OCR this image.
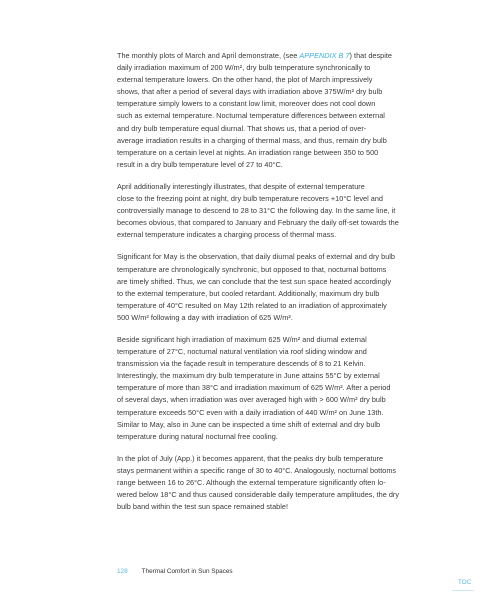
The monthly plots of March and April demonstrate, (see APPENDIX B 7) that despite
daily irradiation maximum of 200 W/m², dry bulb temperature synchronically to
external temperature lowers. On the other hand, the plot of March impressively
shows, that after a period of several days with irradiation above 375W/m² dry bulb
temperature simply lowers to a constant low limit, moreover does not cool down
such as external temperature. Nocturnal temperature differences between external
and dry bulb temperature equal diurnal. That shows us, that a period of over-
average irradiation results in a charging of thermal mass, and thus, remain dry bulb
temperature on a certain level at nights. An irradiation range between 350 to 500
result in a dry bulb temperature level of 27 to 40°C.

April additionally interestingly illustrates, that despite of external temperature
close to the freezing point at night, dry bulb temperature recovers +10°C level and
controversially manage to descend to 28 to 31°C the following day. In the same line, it
becomes obvious, that compared to January and February the daily off-set towards the
external temperature indicates a charging process of thermal mass.

Significant for May is the observation, that daily diurnal peaks of external and dry bulb
temperature are chronologically synchronic, but opposed to that, nocturnal bottoms
are timely shifted. Thus, we can conclude that the test sun space heated accordingly
to the external temperature, but cooled retardant. Additionally, maximum dry bulb
temperature of 40°C resulted on May 12th related to an irradiation of approximately
500 W/m² following a day with irradiation of 625 W/m².

Beside significant high irradiation of maximum 625 W/m² and diurnal external
temperature of 27°C, nocturnal natural ventilation via roof sliding window and
transmission via the façade result in temperature descends of 8 to 21 Kelvin.
Interestingly, the maximum dry bulb temperature in June attains 55°C by external
temperature of more than 38°C and irradiation maximum of 625 W/m². After a period
of several days, when irradiation was over averaged high with > 600 W/m² dry bulb
temperature exceeds 50°C even with a daily irradiation of 440 W/m² on June 13th.
Similar to May, also in June can be inspected a time shift of external and dry bulb
temperature during natural nocturnal free cooling.

In the plot of July (App.) it becomes apparent, that the peaks dry bulb temperature
stays permanent within a specific range of 30 to 40°C. Analogously, nocturnal bottoms
range between 16 to 26°C. Although the external temperature significantly often lo-
wered below 18°C and thus caused considerable daily temperature amplitudes, the dry
bulb band within the test sun space remained stable!

128 Thermal Comfort in Sun Spaces
TOC
